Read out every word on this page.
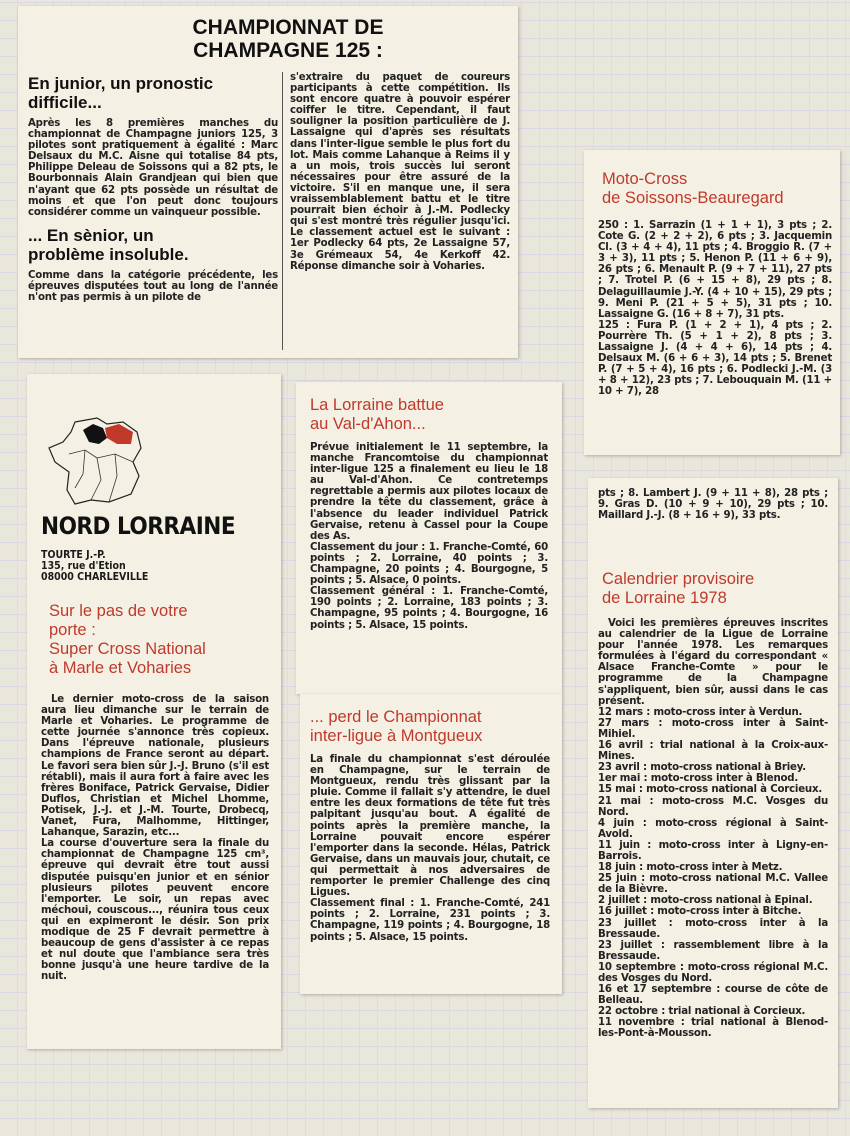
CHAMPIONNAT DE
CHAMPAGNE 125 :
En junior, un pronostic
difficile...

Après les 8 premières manches du championnat de Champagne juniors 125, 3 pilotes sont pratiquement à égalité : Marc Delsaux du M.C. Aisne qui totalise 84 pts, Philippe Deleau de Soissons qui a 82 pts, le Bourbonnais Alain Grandjean qui bien que n'ayant que 62 pts possède un résultat de moins et que l'on peut donc toujours considérer comme un vainqueur possible.

... En sènior, un
problème insoluble.

Comme dans la catégorie précédente, les épreuves disputées tout au long de l'année n'ont pas permis à un pilote de

s'extraire du paquet de coureurs participants à cette compétition. Ils sont encore quatre à pouvoir espérer coiffer le titre. Cependant, il faut souligner la position particulière de J. Lassaigne qui d'après ses résultats dans l'inter-ligue semble le plus fort du lot. Mais comme Lahanque à Reims il y a un mois, trois succès lui seront nécessaires pour être assuré de la victoire. S'il en manque une, il sera vraissemblablement battu et le titre pourrait bien échoir à J.-M. Podlecky qui s'est montré très régulier jusqu'ici. Le classement actuel est le suivant : 1er Podlecky 64 pts, 2e Lassaigne 57, 3e Grémeaux 54, 4e Kerkoff 42. Réponse dimanche soir à Voharies.

NORD LORRAINE
TOURTE J.-P.
135, rue d'Etion
08000 CHARLEVILLE
Sur le pas de votre
porte :
Super Cross National
à Marle et Voharies

Le dernier moto-cross de la saison aura lieu dimanche sur le terrain de Marle et Voharies. Le programme de cette journée s'annonce très copieux. Dans l'épreuve nationale, plusieurs champions de France seront au départ. Le favori sera bien sûr J.-J. Bruno (s'il est rétabli), mais il aura fort à faire avec les frères Boniface, Patrick Gervaise, Didier Duflos, Christian et Michel Lhomme, Potisek, J.-J. et J.-M. Tourte, Drobecq, Vanet, Fura, Malhomme, Hittinger, Lahanque, Sarazin, etc...

La course d'ouverture sera la finale du championnat de Champagne 125 cm³, épreuve qui devrait être tout aussi disputée puisqu'en junior et en sénior plusieurs pilotes peuvent encore l'emporter. Le soir, un repas avec méchoui, couscous..., réunira tous ceux qui en expimeront le désir. Son prix modique de 25 F devrait permettre à beaucoup de gens d'assister à ce repas et nul doute que l'ambiance sera très bonne jusqu'à une heure tardive de la nuit.

La Lorraine battue
au Val-d'Ahon...

Prévue initialement le 11 septembre, la manche Francomtoise du championnat inter-ligue 125 a finalement eu lieu le 18 au Val-d'Ahon. Ce contretemps regrettable a permis aux pilotes locaux de prendre la tête du classement, grâce à l'absence du leader individuel Patrick Gervaise, retenu à Cassel pour la Coupe des As.

Classement du jour : 1. Franche-Comté, 60 points ; 2. Lorraine, 40 points ; 3. Champagne, 20 points ; 4. Bourgogne, 5 points ; 5. Alsace, 0 points.

Classement général : 1. Franche-Comté, 190 points ; 2. Lorraine, 183 points ; 3. Champagne, 95 points ; 4. Bourgogne, 16 points ; 5. Alsace, 15 points.

... perd le Championnat
inter-ligue à Montgueux

La finale du championnat s'est déroulée en Champagne, sur le terrain de Montgueux, rendu très glissant par la pluie. Comme il fallait s'y attendre, le duel entre les deux formations de tête fut très palpitant jusqu'au bout. A égalité de points après la première manche, la Lorraine pouvait encore espérer l'emporter dans la seconde. Hélas, Patrick Gervaise, dans un mauvais jour, chutait, ce qui permettait à nos adversaires de remporter le premier Challenge des cinq Ligues.

Classement final : 1. Franche-Comté, 241 points ; 2. Lorraine, 231 points ; 3. Champagne, 119 points ; 4. Bourgogne, 18 points ; 5. Alsace, 15 points.

Moto-Cross
de Soissons-Beauregard

250 : 1. Sarrazin (1 + 1 + 1), 3 pts ; 2. Cote G. (2 + 2 + 2), 6 pts ; 3. Jacquemin Cl. (3 + 4 + 4), 11 pts ; 4. Broggio R. (7 + 3 + 3), 11 pts ; 5. Henon P. (11 + 6 + 9), 26 pts ; 6. Menault P. (9 + 7 + 11), 27 pts ; 7. Trotel P. (6 + 15 + 8), 29 pts ; 8. Delaguillaumie J.-Y. (4 + 10 + 15), 29 pts ; 9. Meni P. (21 + 5 + 5), 31 pts ; 10. Lassaigne G. (16 + 8 + 7), 31 pts.

125 : Fura P. (1 + 2 + 1), 4 pts ; 2. Pourrère Th. (5 + 1 + 2), 8 pts ; 3. Lassaigne J. (4 + 4 + 6), 14 pts ; 4. Delsaux M. (6 + 6 + 3), 14 pts ; 5. Brenet P. (7 + 5 + 4), 16 pts ; 6. Podlecki J.-M. (3 + 8 + 12), 23 pts ; 7. Lebouquain M. (11 + 10 + 7), 28

pts ; 8. Lambert J. (9 + 11 + 8), 28 pts ; 9. Gras D. (10 + 9 + 10), 29 pts ; 10. Maillard J.-J. (8 + 16 + 9), 33 pts.

Calendrier provisoire
de Lorraine 1978

Voici les premières épreuves inscrites au calendrier de la Ligue de Lorraine pour l'année 1978. Les remarques formulées à l'égard du correspondant « Alsace Franche-Comte » pour le programme de la Champagne s'appliquent, bien sûr, aussi dans le cas présent.

12 mars : moto-cross inter à Verdun.

27 mars : moto-cross inter à Saint-Mihiel.

16 avril : trial national à la Croix-aux-Mines.

23 avril : moto-cross national à Briey.

1er mai : moto-cross inter à Blenod.

15 mai : moto-cross national à Corcieux.

21 mai : moto-cross M.C. Vosges du Nord.

4 juin : moto-cross régional à Saint-Avold.

11 juin : moto-cross inter à Ligny-en-Barrois.

18 juin : moto-cross inter à Metz.

25 juin : moto-cross national M.C. Vallee de la Bièvre.

2 juillet : moto-cross national à Epinal.

16 juillet : moto-cross inter à Bitche.

23 juillet : moto-cross inter à la Bressaude.

23 juillet : rassemblement libre à la Bressaude.

10 septembre : moto-cross régional M.C. des Vosges du Nord.

16 et 17 septembre : course de côte de Belleau.

22 octobre : trial national à Corcieux.

11 novembre : trial national à Blenod-les-Pont-à-Mousson.
